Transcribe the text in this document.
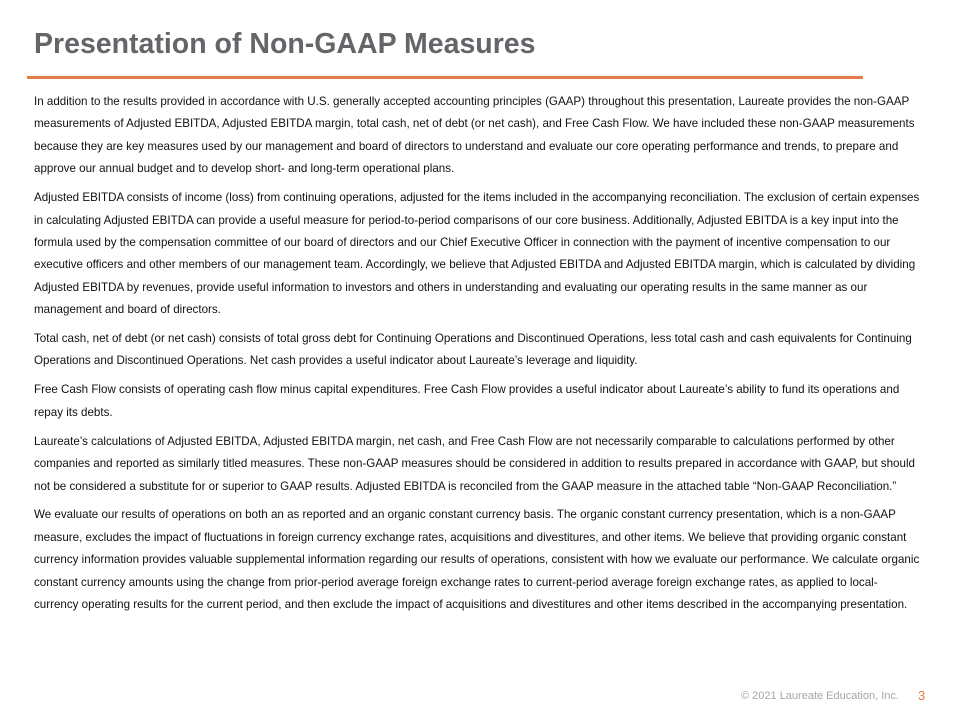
Presentation of Non-GAAP Measures

In addition to the results provided in accordance with U.S. generally accepted accounting principles (GAAP) throughout this presentation, Laureate provides the non-GAAP measurements of Adjusted EBITDA, Adjusted EBITDA margin, total cash, net of debt (or net cash), and Free Cash Flow. We have included these non-GAAP measurements because they are key measures used by our management and board of directors to understand and evaluate our core operating performance and trends, to prepare and approve our annual budget and to develop short- and long-term operational plans.

Adjusted EBITDA consists of income (loss) from continuing operations, adjusted for the items included in the accompanying reconciliation. The exclusion of certain expenses in calculating Adjusted EBITDA can provide a useful measure for period-to-period comparisons of our core business. Additionally, Adjusted EBITDA is a key input into the formula used by the compensation committee of our board of directors and our Chief Executive Officer in connection with the payment of incentive compensation to our executive officers and other members of our management team. Accordingly, we believe that Adjusted EBITDA and Adjusted EBITDA margin, which is calculated by dividing Adjusted EBITDA by revenues, provide useful information to investors and others in understanding and evaluating our operating results in the same manner as our management and board of directors.

Total cash, net of debt (or net cash) consists of total gross debt for Continuing Operations and Discontinued Operations, less total cash and cash equivalents for Continuing Operations and Discontinued Operations. Net cash provides a useful indicator about Laureate’s leverage and liquidity.

Free Cash Flow consists of operating cash flow minus capital expenditures. Free Cash Flow provides a useful indicator about Laureate’s ability to fund its operations and repay its debts.

Laureate’s calculations of Adjusted EBITDA, Adjusted EBITDA margin, net cash, and Free Cash Flow are not necessarily comparable to calculations performed by other companies and reported as similarly titled measures. These non-GAAP measures should be considered in addition to results prepared in accordance with GAAP, but should not be considered a substitute for or superior to GAAP results. Adjusted EBITDA is reconciled from the GAAP measure in the attached table “Non-GAAP Reconciliation.”

We evaluate our results of operations on both an as reported and an organic constant currency basis. The organic constant currency presentation, which is a non-GAAP measure, excludes the impact of fluctuations in foreign currency exchange rates, acquisitions and divestitures, and other items. We believe that providing organic constant currency information provides valuable supplemental information regarding our results of operations, consistent with how we evaluate our performance. We calculate organic constant currency amounts using the change from prior-period average foreign exchange rates to current-period average foreign exchange rates, as applied to local-currency operating results for the current period, and then exclude the impact of acquisitions and divestitures and other items described in the accompanying presentation.

© 2021 Laureate Education, Inc. 3
